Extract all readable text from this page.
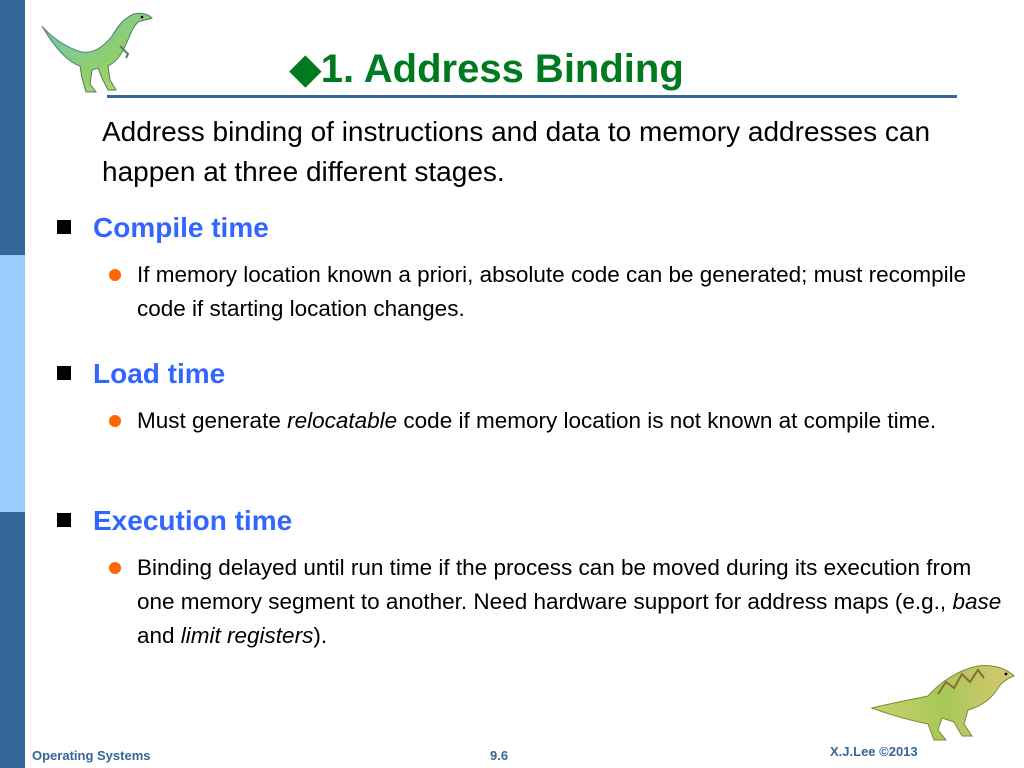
◆1. Address Binding
Address binding of instructions and data to memory addresses can happen at three different stages.
Compile time
If memory location known a priori, absolute code can be generated; must recompile code if starting location changes.
Load time
Must generate relocatable code if memory location is not known at compile time.
Execution time
Binding delayed until run time if the process can be moved during its execution from one memory segment to another. Need hardware support for address maps (e.g., base and limit registers).
Operating Systems	9.6	X.J.Lee ©2013
